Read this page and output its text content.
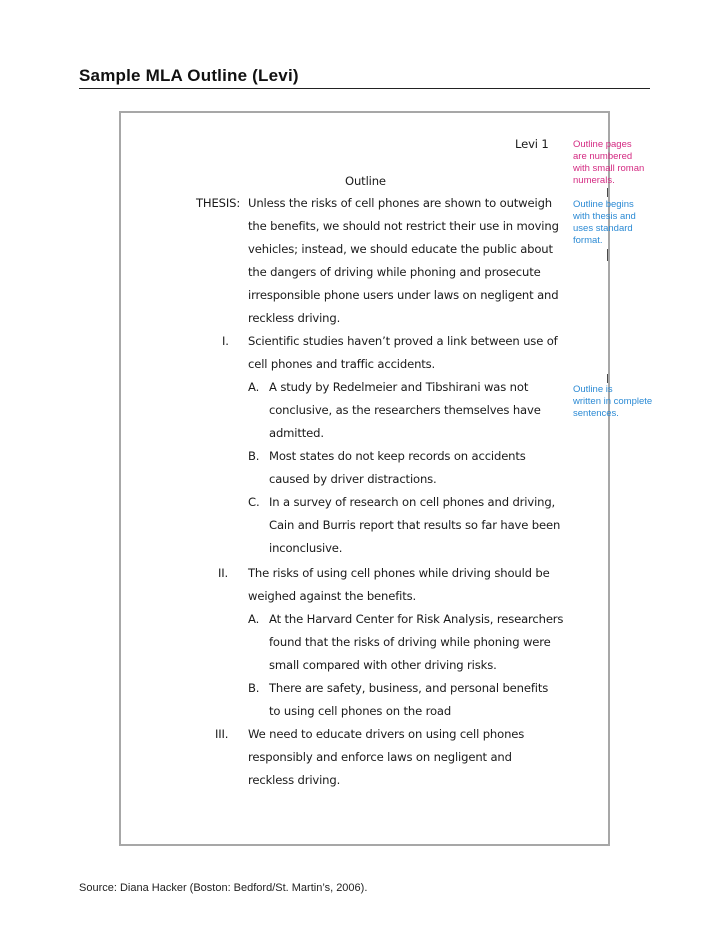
Sample MLA Outline (Levi)
Levi 1
Outline
THESIS: Unless the risks of cell phones are shown to outweigh
the benefits, we should not restrict their use in moving
vehicles; instead, we should educate the public about
the dangers of driving while phoning and prosecute
irresponsible phone users under laws on negligent and
reckless driving.
I. Scientific studies haven’t proved a link between use of
cell phones and traffic accidents.
A. A study by Redelmeier and Tibshirani was not
conclusive, as the researchers themselves have
admitted.
B. Most states do not keep records on accidents
caused by driver distractions.
C. In a survey of research on cell phones and driving,
Cain and Burris report that results so far have been
inconclusive.
II. The risks of using cell phones while driving should be
weighed against the benefits.
A. At the Harvard Center for Risk Analysis, researchers
found that the risks of driving while phoning were
small compared with other driving risks.
B. There are safety, business, and personal benefits
to using cell phones on the road
III. We need to educate drivers on using cell phones
responsibly and enforce laws on negligent and
reckless driving.
Outline pages
are numbered
with small roman
numerals.
Outline begins
with thesis and
uses standard
format.
Outline is
written in complete
sentences.
Source: Diana Hacker (Boston: Bedford/St. Martin’s, 2006).
